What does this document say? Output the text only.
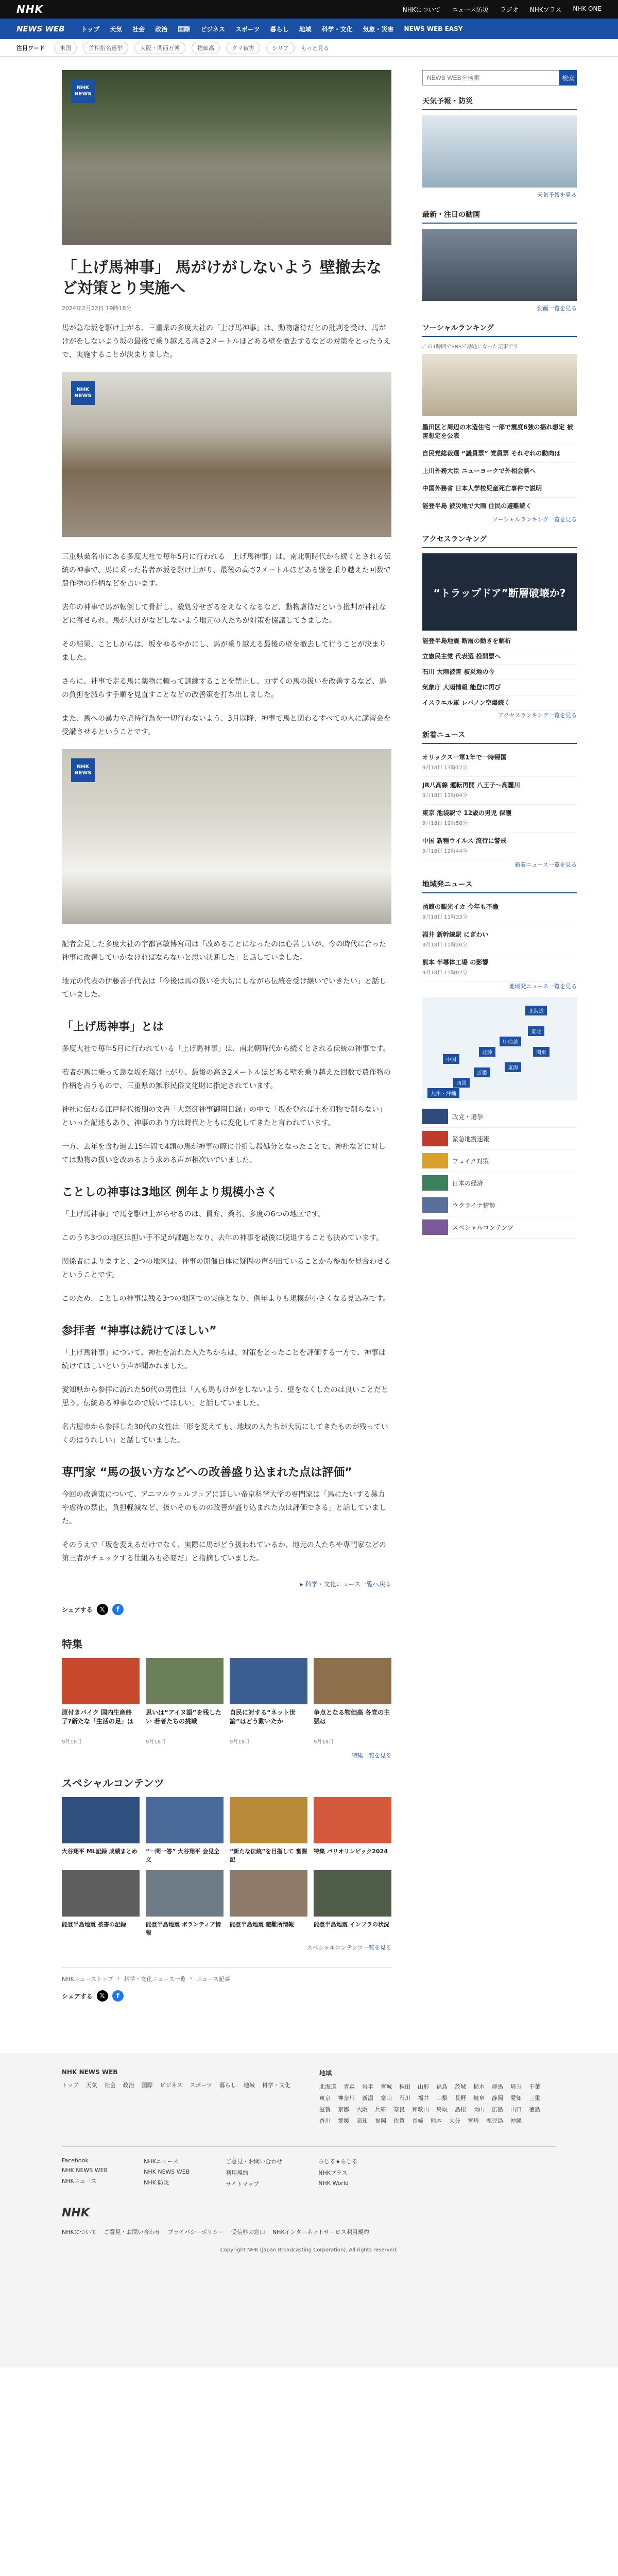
NHK	NHKについて ニュース防災 ラジオ NHKプラス NHK ONE
NEWS WEB	トップ	天気	社会	政治	国際	ビジネス	スポーツ	暮らし	地域	科学・文化	気象・災害	NEWS WEB EASY
注目ワード	米国	首相指名選挙	大阪・関西万博	物価高	クマ被害	シリア	もっと見る
NHK
NEWS
「上げ馬神事」 馬がけがしないよう 壁撤去など対策とり実施へ
2024年2月22日 19時18分

馬が急な坂を駆け上がる、三重県の多度大社の「上げ馬神事」は、動物虐待だとの批判を受け、馬がけがをしないよう坂の最後で乗り越える高さ2メートルほどある壁を撤去するなどの対策をとったうえで、実施することが決まりました。

NHK
NEWS

三重県桑名市にある多度大社で毎年5月に行われる「上げ馬神事」は、南北朝時代から続くとされる伝統の神事で、馬に乗った若者が坂を駆け上がり、最後の高さ2メートルほどある壁を乗り越えた回数で農作物の作柄などを占います。

去年の神事で馬が転倒して骨折し、殺処分せざるをえなくなるなど、動物虐待だという批判が神社などに寄せられ、馬が大けがなどしないよう地元の人たちが対策を協議してきました。

その結果、ことしからは、坂をゆるやかにし、馬が乗り越える最後の壁を撤去して行うことが決まりました。

さらに、神事で走る馬に薬物に頼って訓練することを禁止し、力ずくの馬の扱いを改善するなど、馬の負担を減らす手順を見直すことなどの改善策を打ち出しました。

また、馬への暴力や虐待行為を一切行わないよう、3月以降、神事で馬と関わるすべての人に講習会を受講させるということです。

NHK
NEWS

記者会見した多度大社の宇都宮敏博宮司は「改めることになったのは心苦しいが、今の時代に合った神事に改善していかなければならないと思い決断した」と話していました。

地元の代表の伊藤善子代表は「今後は馬の扱いを大切にしながら伝統を受け継いでいきたい」と話していました。

「上げ馬神事」とは

多度大社で毎年5月に行われている「上げ馬神事」は、南北朝時代から続くとされる伝統の神事です。

若者が馬に乗って急な坂を駆け上がり、最後の高さ2メートルほどある壁を乗り越えた回数で農作物の作柄を占うもので、三重県の無形民俗文化財に指定されています。

神社に伝わる江戸時代後期の文書「大祭御神事御用目録」の中で「坂を登れば土を刃物で削らない」といった記述もあり、神事のあり方は時代とともに変化してきたと言われています。

一方、去年を含む過去15年間で4頭の馬が神事の際に骨折し殺処分となったことで、神社などに対しては動物の扱いを改めるよう求める声が相次いでいました。

ことしの神事は3地区 例年より規模小さく

「上げ馬神事」で馬を駆け上がらせるのは、員弁、桑名、多度の6つの地区です。

このうち3つの地区は担い手不足が課題となり、去年の神事を最後に脱退することも決めています。

関係者によりますと、2つの地区は、神事の開催自体に疑問の声が出ていることから参加を見合わせるということです。

このため、ことしの神事は残る3つの地区での実施となり、例年よりも規模が小さくなる見込みです。

参拝者 “神事は続けてほしい”

「上げ馬神事」について、神社を訪れた人たちからは、対策をとったことを評価する一方で、神事は続けてほしいという声が聞かれました。

愛知県から参拝に訪れた50代の男性は「人も馬もけがをしないよう、壁をなくしたのは良いことだと思う。伝統ある神事なので続いてほしい」と話していました。

名古屋市から参拝した30代の女性は「形を変えても、地域の人たちが大切にしてきたものが残っていくのはうれしい」と話していました。

専門家 “馬の扱い方などへの改善盛り込まれた点は評価”

今回の改善策について、アニマルウェルフェアに詳しい帝京科学大学の専門家は「馬にたいする暴力や虐待の禁止、負担軽減など、扱いそのものの改善が盛り込まれた点は評価できる」と話していました。

そのうえで「坂を変えるだけでなく、実際に馬がどう扱われているか、地元の人たちや専門家などの第三者がチェックする仕組みも必要だ」と指摘していました。

▸ 科学・文化ニュース一覧へ戻る
シェアする	𝕏	f
特集
原付きバイク 国内生産終了?新たな「生活の足」は
9月18日
思いは“アイヌ語”を残したい 若者たちの挑戦
9月18日
自民に対する“ネット世論”はどう動いたか
9月18日
争点となる物価高 各党の主張は
9月18日
特集一覧を見る
スペシャルコンテンツ
大谷翔平 ML記録 成績まとめ	“一問一答” 大谷翔平 会見全文
“新たな伝統”を目指して 奮闘記
特集 パリオリンピック2024
能登半島地震 被害の記録	能登半島地震 ボランティア情報
能登半島地震 避難所情報	能登半島地震 インフラの状況
スペシャルコンテンツ一覧を見る
NHKニューストップ › 科学・文化ニュース一覧 › ニュース記事
シェアする	𝕏	f
NEWS WEBを検索
検索
天気予報・防災
天気予報を見る
最新・注目の動画
動画一覧を見る
ソーシャルランキング
この1時間でSNSで話題になった記事です
墨田区と周辺の木造住宅 一部で震度6強の揺れ想定 被害想定を公表
自民党総裁選 “議員票” 党員票 それぞれの動向は
上川外務大臣 ニューヨークで外相会談へ
中国外務省 日本人学校児童死亡事件で説明
能登半島 被災地で大雨 住民の避難続く
ソーシャルランキング一覧を見る
アクセスランキング
“トラップドア”断層破壊か?
能登半島地震 断層の動きを解析
立憲民主党 代表選 投開票へ
石川 大雨被害 被災地の今
気象庁 大雨情報 能登に再び
イスラエル軍 レバノン空爆続く
アクセスランキング一覧を見る
新着ニュース
オリックス一軍1年で一時帰国
9月18日 13時12分
JR八高線 運転再開 八王子〜高麗川
9月18日 13時04分
東京 池袋駅で 12歳の男児 保護
9月18日 12時58分
中国 新種ウイルス 流行に警戒
9月18日 12時44分
新着ニュース一覧を見る
地域発ニュース
函館の観光イカ 今年も不漁
9月18日 11時33分
福井 新幹線駅 にぎわい
9月18日 11時20分
熊本 半導体工場 の影響
9月18日 11時02分
地域発ニュース一覧を見る
北海道
東北
関東
甲信越
東海
北陸
近畿
中国
四国
九州・沖縄
政党・選挙
緊急地震速報
フェイク対策
日本の経済
ウクライナ情勢
スペシャルコンテンツ
NHK NEWS WEB
トップ 天気 社会 政治 国際 ビジネス スポーツ 暮らし 地域 科学・文化
地域
北海道 青森 岩手 宮城 秋田 山形 福島 茨城 栃木 群馬 埼玉 千葉
東京 神奈川 新潟 富山 石川 福井 山梨 長野 岐阜 静岡 愛知 三重
滋賀 京都 大阪 兵庫 奈良 和歌山 鳥取 島根 岡山 広島 山口 徳島
香川 愛媛 高知 福岡 佐賀 長崎 熊本 大分 宮崎 鹿児島 沖縄
Facebook
NHK NEWS WEB
NHKニュース
NHKニュース
NHK NEWS WEB
NHK 防災
ご意見・お問い合わせ
利用規約
サイトマップ
らじる★らじる
NHKプラス
NHK World
NHK
NHKについて ご意見・お問い合わせ プライバシーポリシー 受信料の窓口 NHKインターネットサービス利用規約
Copyright NHK (Japan Broadcasting Corporation). All rights reserved.
